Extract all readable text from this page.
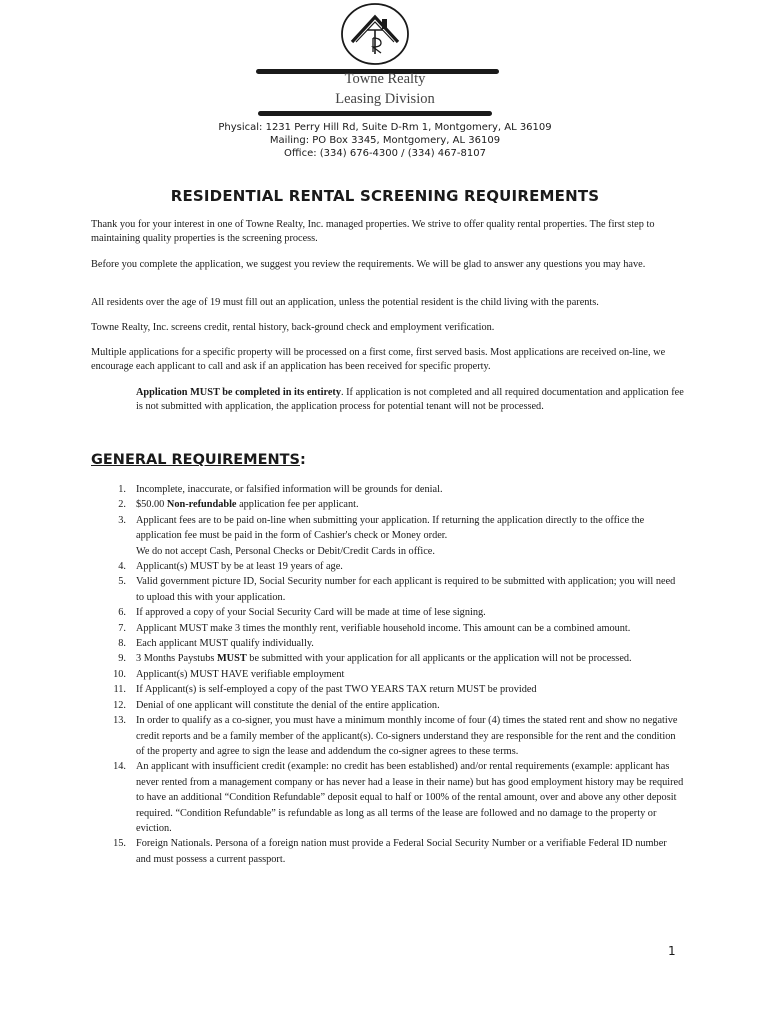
Towne Realty
Leasing Division
Physical: 1231 Perry Hill Rd, Suite D-Rm 1, Montgomery, AL 36109
Mailing: PO Box 3345, Montgomery, AL 36109
Office: (334) 676-4300 / (334) 467-8107
RESIDENTIAL RENTAL SCREENING REQUIREMENTS
Thank you for your interest in one of Towne Realty, Inc. managed properties. We strive to offer quality rental properties. The first step to maintaining quality properties is the screening process.
Before you complete the application, we suggest you review the requirements. We will be glad to answer any questions you may have.
All residents over the age of 19 must fill out an application, unless the potential resident is the child living with the parents.
Towne Realty, Inc. screens credit, rental history, back-ground check and employment verification.
Multiple applications for a specific property will be processed on a first come, first served basis. Most applications are received on-line, we encourage each applicant to call and ask if an application has been received for specific property.
Application MUST be completed in its entirety. If application is not completed and all required documentation and application fee is not submitted with application, the application process for potential tenant will not be processed.
GENERAL REQUIREMENTS:
1. Incomplete, inaccurate, or falsified information will be grounds for denial.
2. $50.00 Non-refundable application fee per applicant.
3. Applicant fees are to be paid on-line when submitting your application. If returning the application directly to the office the application fee must be paid in the form of Cashier's check or Money order.
We do not accept Cash, Personal Checks or Debit/Credit Cards in office.
4. Applicant(s) MUST by be at least 19 years of age.
5. Valid government picture ID, Social Security number for each applicant is required to be submitted with application; you will need to upload this with your application.
6. If approved a copy of your Social Security Card will be made at time of lese signing.
7. Applicant MUST make 3 times the monthly rent, verifiable household income. This amount can be a combined amount.
8. Each applicant MUST qualify individually.
9. 3 Months Paystubs MUST be submitted with your application for all applicants or the application will not be processed.
10. Applicant(s) MUST HAVE verifiable employment
11. If Applicant(s) is self-employed a copy of the past TWO YEARS TAX return MUST be provided
12. Denial of one applicant will constitute the denial of the entire application.
13. In order to qualify as a co-signer, you must have a minimum monthly income of four (4) times the stated rent and show no negative credit reports and be a family member of the applicant(s). Co-signers understand they are responsible for the rent and the condition of the property and agree to sign the lease and addendum the co-signer agrees to these terms.
14. An applicant with insufficient credit (example: no credit has been established) and/or rental requirements (example: applicant has never rented from a management company or has never had a lease in their name) but has good employment history may be required to have an additional “Condition Refundable” deposit equal to half or 100% of the rental amount, over and above any other deposit required. “Condition Refundable” is refundable as long as all terms of the lease are followed and no damage to the property or eviction.
15. Foreign Nationals. Persona of a foreign nation must provide a Federal Social Security Number or a verifiable Federal ID number and must possess a current passport.
1
